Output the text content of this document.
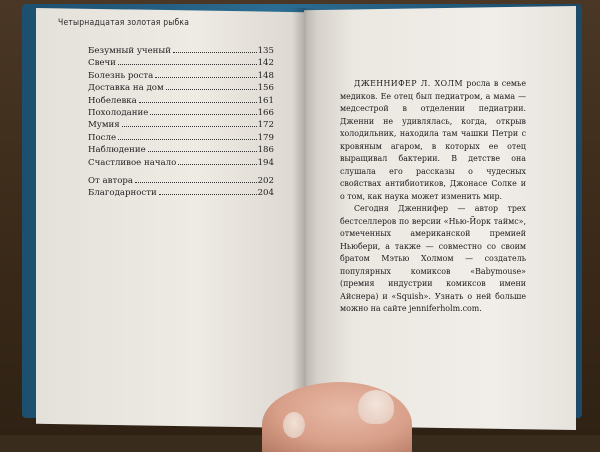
Четырнадцатая золотая рыбка
Безумный ученый	135
Свечи	142
Болезнь роста	148
Доставка на дом	156
Нобелевка	161
Похолодание	166
Мумия	172
После	179
Наблюдение	186
Счастливое начало	194
От автора	202
Благодарности	204

ДЖЕННИФЕР Л. ХОЛМ росла в семье медиков. Ее отец был педиатром, а мама — медсестрой в отделении педиатрии. Дженни не удивлялась, когда, открыв холодильник, находила там чашки Петри с кровяным агаром, в которых ее отец выращивал бактерии. В детстве она слушала его рассказы о чудесных свойствах антибиотиков, Джонасе Солке и о том, как наука может изменить мир.

Сегодня Дженнифер — автор трех бестселлеров по версии «Нью-Йорк таймс», отмеченных американской премией Ньюбери, а также — совместно со своим братом Мэтью Холмом — создатель популярных комиксов «Babymouse» (премия индустрии комиксов имени Айснера) и «Squish». Узнать о ней больше можно на сайте jenniferholm.com.
